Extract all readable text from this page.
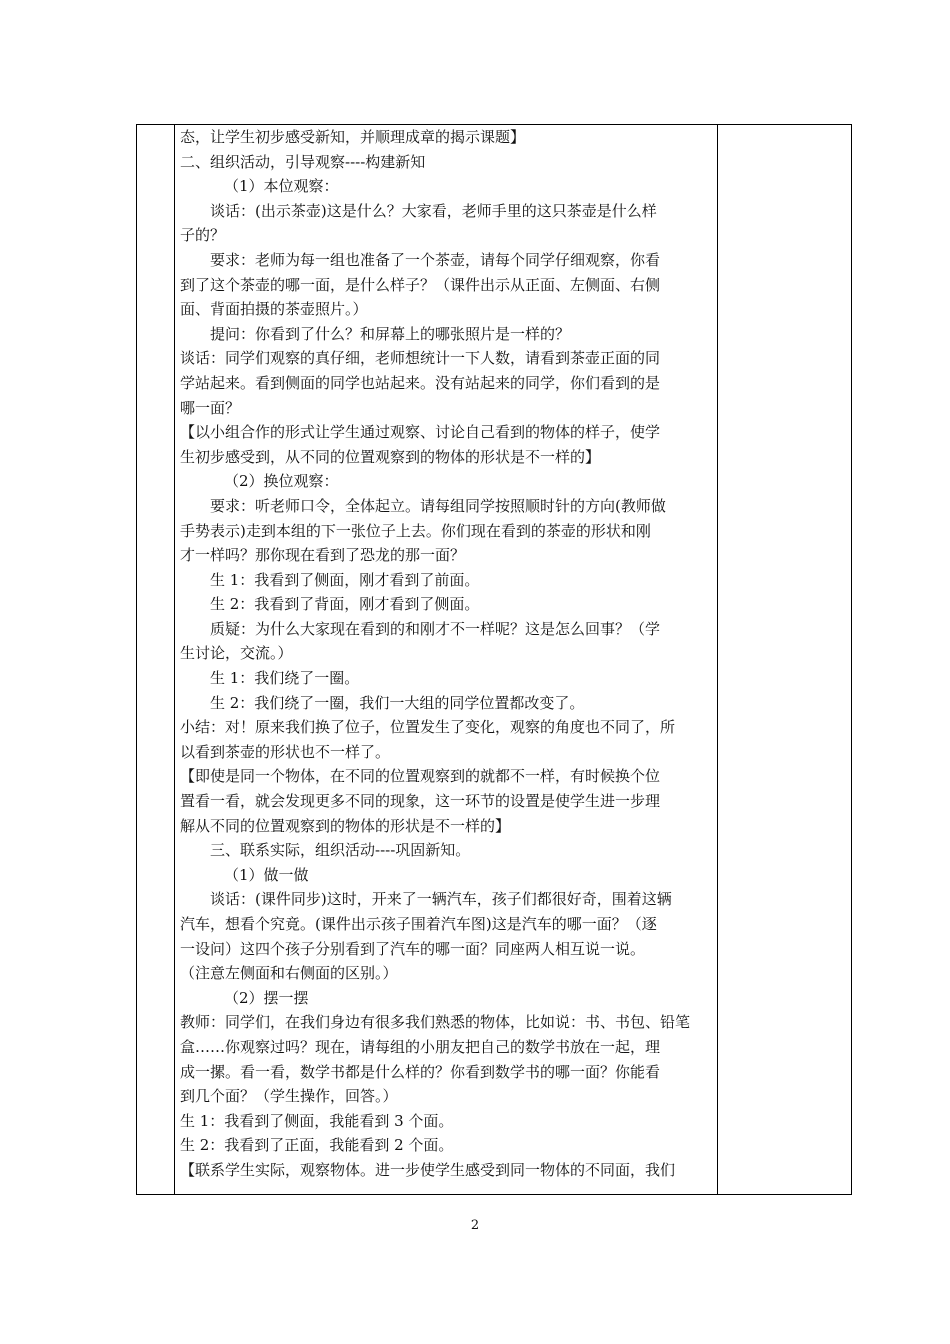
态，让学生初步感受新知，并顺理成章的揭示课题】
二、组织活动，引导观察----构建新知
（1）本位观察：
谈话：(出示茶壶)这是什么？大家看，老师手里的这只茶壶是什么样
子的？
要求：老师为每一组也准备了一个茶壶，请每个同学仔细观察，你看
到了这个茶壶的哪一面，是什么样子？（课件出示从正面、左侧面、右侧
面、背面拍摄的茶壶照片。）
提问：你看到了什么？和屏幕上的哪张照片是一样的？
谈话：同学们观察的真仔细，老师想统计一下人数，请看到茶壶正面的同
学站起来。看到侧面的同学也站起来。没有站起来的同学，你们看到的是
哪一面？
【以小组合作的形式让学生通过观察、讨论自己看到的物体的样子，使学
生初步感受到，从不同的位置观察到的物体的形状是不一样的】
（2）换位观察：
要求：听老师口令，全体起立。请每组同学按照顺时针的方向(教师做
手势表示)走到本组的下一张位子上去。你们现在看到的茶壶的形状和刚
才一样吗？那你现在看到了恐龙的那一面？
生 1：我看到了侧面，刚才看到了前面。
生 2：我看到了背面，刚才看到了侧面。
质疑：为什么大家现在看到的和刚才不一样呢？这是怎么回事？（学
生讨论，交流。）
生 1：我们绕了一圈。
生 2：我们绕了一圈，我们一大组的同学位置都改变了。
小结：对！原来我们换了位子，位置发生了变化，观察的角度也不同了，所
以看到茶壶的形状也不一样了。
【即使是同一个物体，在不同的位置观察到的就都不一样，有时候换个位
置看一看，就会发现更多不同的现象，这一环节的设置是使学生进一步理
解从不同的位置观察到的物体的形状是不一样的】
三、联系实际，组织活动----巩固新知。
（1）做一做
谈话：(课件同步)这时，开来了一辆汽车，孩子们都很好奇，围着这辆
汽车，想看个究竟。(课件出示孩子围着汽车图)这是汽车的哪一面？（逐
一设问）这四个孩子分别看到了汽车的哪一面？同座两人相互说一说。
（注意左侧面和右侧面的区别。）
（2）摆一摆
教师：同学们，在我们身边有很多我们熟悉的物体，比如说：书、书包、铅笔
盒……你观察过吗？现在，请每组的小朋友把自己的数学书放在一起，理
成一摞。看一看，数学书都是什么样的？你看到数学书的哪一面？你能看
到几个面？（学生操作，回答。）
生 1：我看到了侧面，我能看到 3 个面。
生 2：我看到了正面，我能看到 2 个面。
【联系学生实际，观察物体。进一步使学生感受到同一物体的不同面，我们
2
